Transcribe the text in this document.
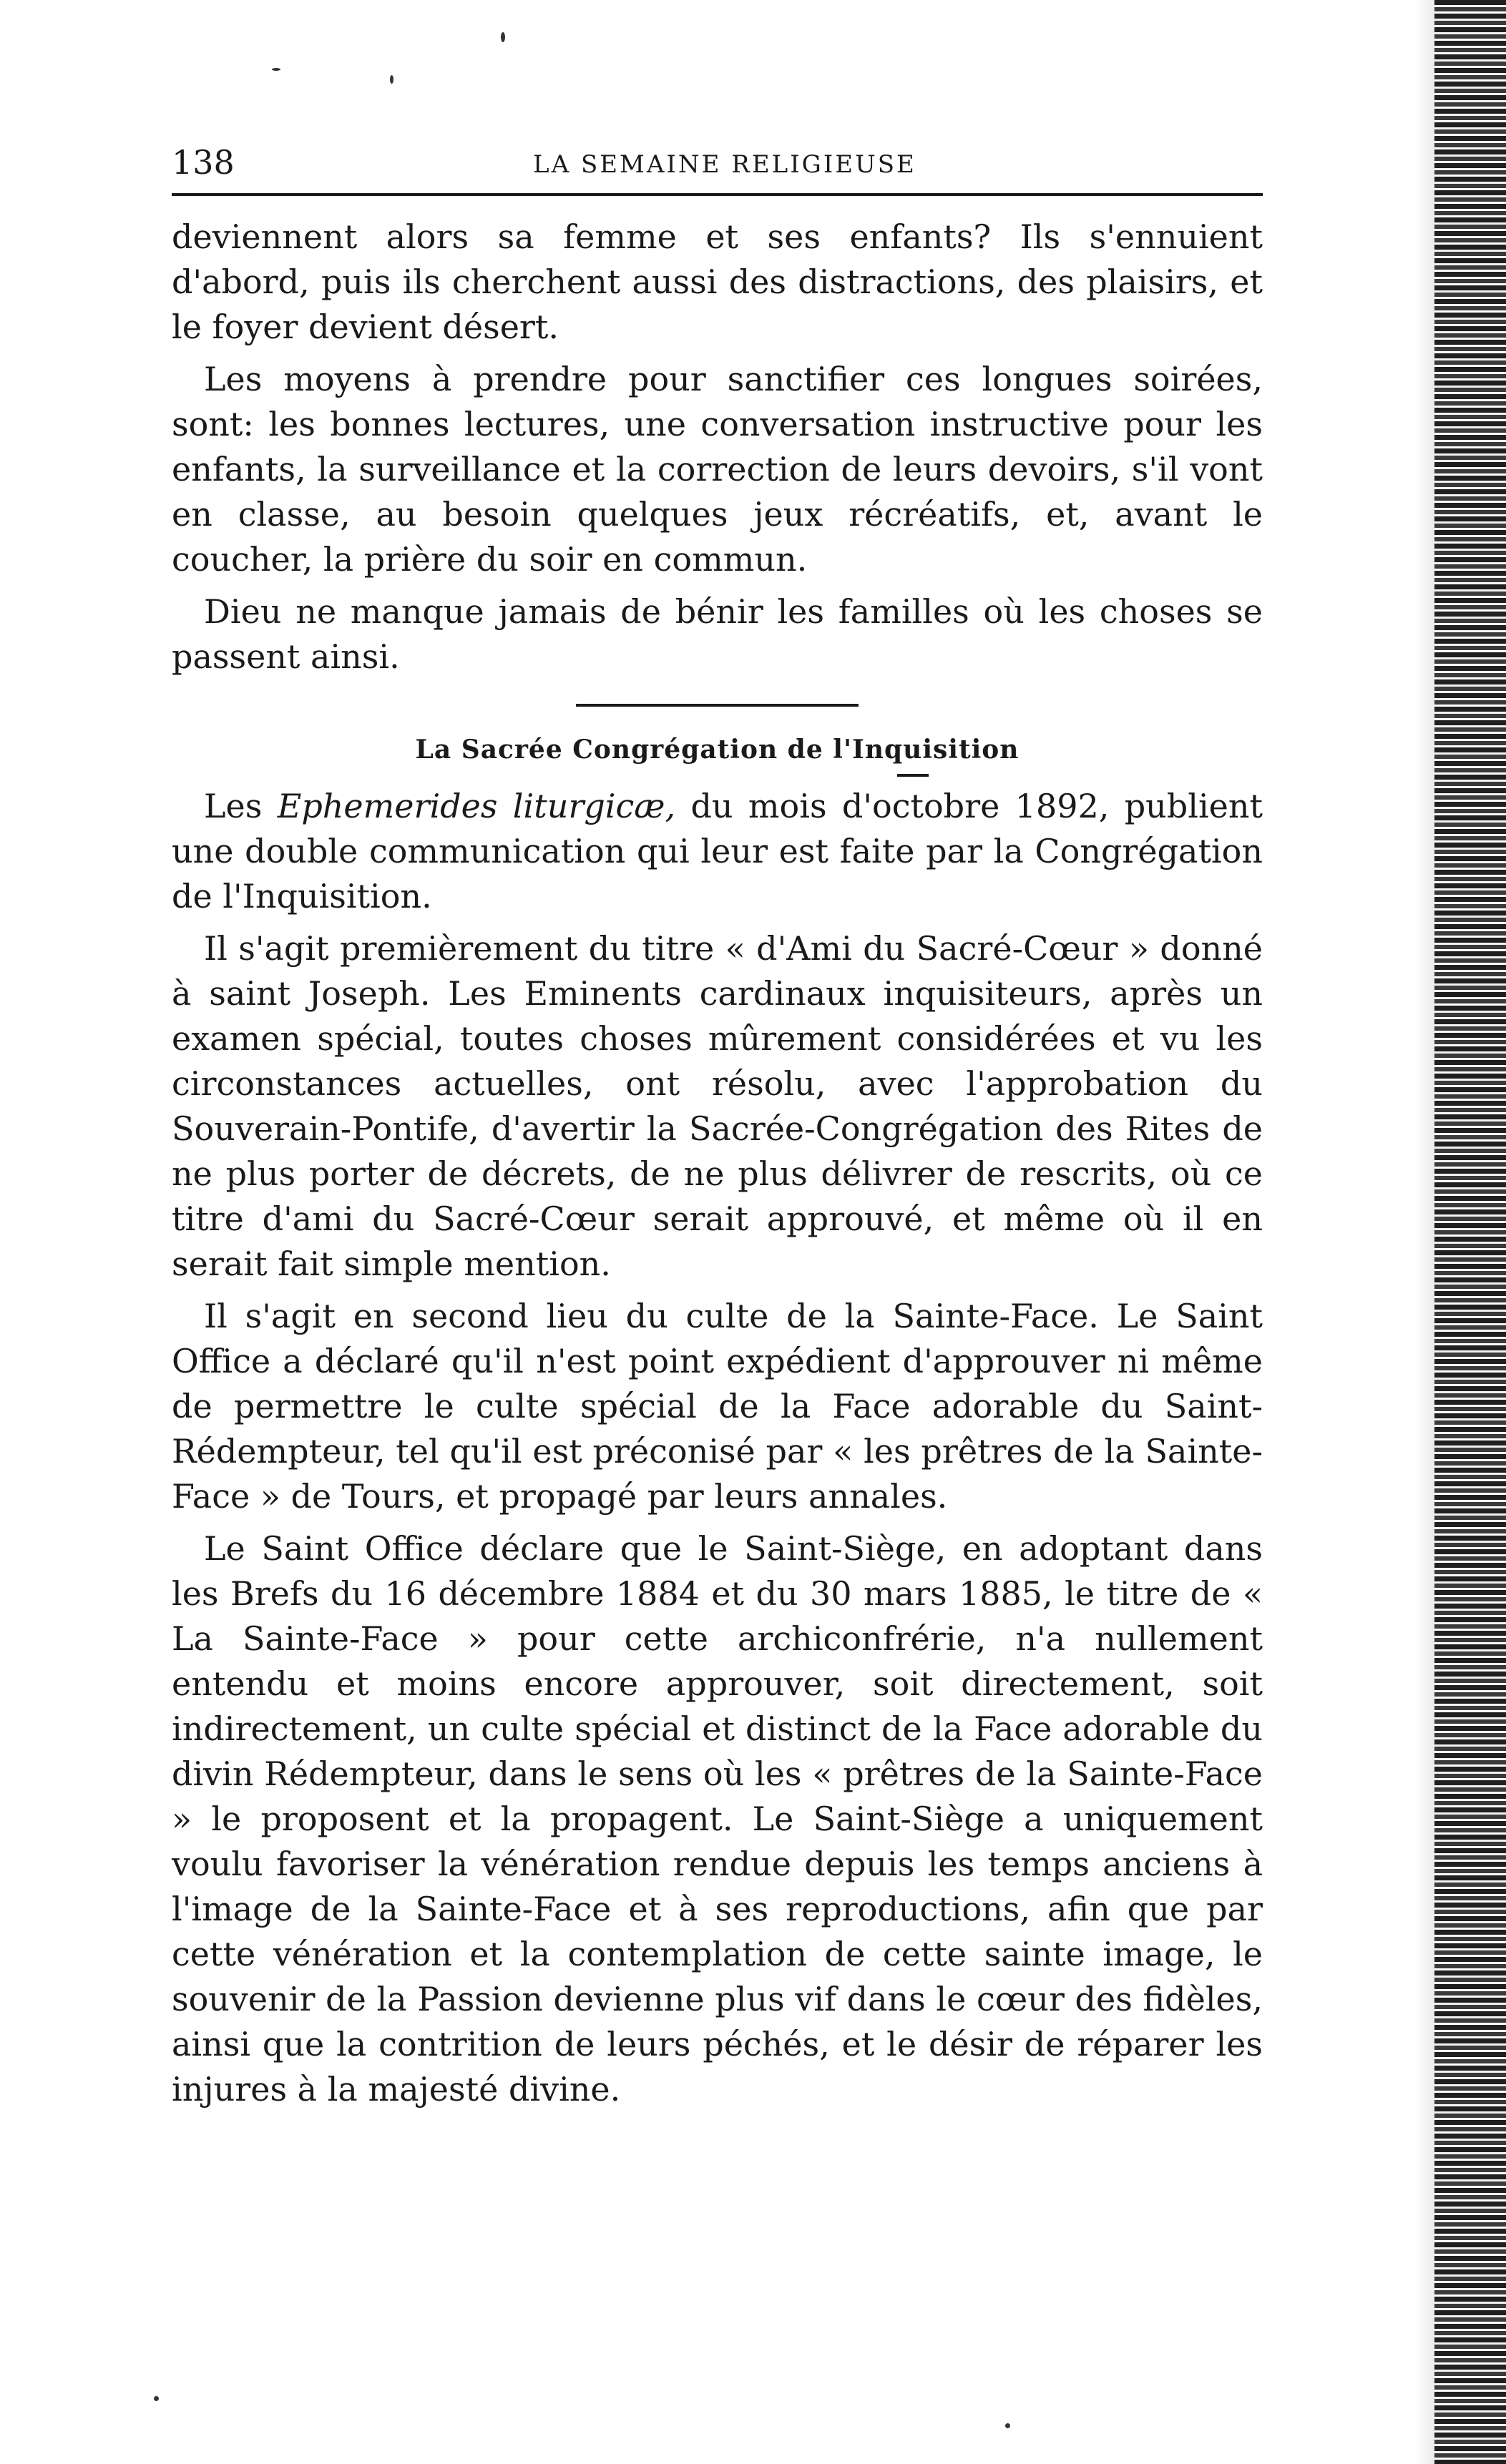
138	LA SEMAINE RELIGIEUSE

deviennent alors sa femme et ses enfants? Ils s'ennuient d'abord, puis ils cherchent aussi des distractions, des plaisirs, et le foyer devient désert.

Les moyens à prendre pour sanctifier ces longues soirées, sont: les bonnes lectures, une conversation instructive pour les enfants, la surveillance et la correction de leurs devoirs, s'il vont en classe, au besoin quelques jeux récréatifs, et, avant le coucher, la prière du soir en commun.

Dieu ne manque jamais de bénir les familles où les choses se passent ainsi.

La Sacrée Congrégation de l'Inquisition

Les Ephemerides liturgicæ, du mois d'octobre 1892, publient une double communication qui leur est faite par la Congrégation de l'Inquisition.

Il s'agit premièrement du titre « d'Ami du Sacré-Cœur » donné à saint Joseph. Les Eminents cardinaux inquisiteurs, après un examen spécial, toutes choses mûrement considérées et vu les circonstances actuelles, ont résolu, avec l'approbation du Souverain-Pontife, d'avertir la Sacrée-Congrégation des Rites de ne plus porter de décrets, de ne plus délivrer de rescrits, où ce titre d'ami du Sacré-Cœur serait approuvé, et même où il en serait fait simple mention.

Il s'agit en second lieu du culte de la Sainte-Face. Le Saint Office a déclaré qu'il n'est point expédient d'approuver ni même de permettre le culte spécial de la Face adorable du Saint-Rédempteur, tel qu'il est préconisé par « les prêtres de la Sainte-Face » de Tours, et propagé par leurs annales.

Le Saint Office déclare que le Saint-Siège, en adoptant dans les Brefs du 16 décembre 1884 et du 30 mars 1885, le titre de « La Sainte-Face » pour cette archiconfrérie, n'a nullement entendu et moins encore approuver, soit directement, soit indirectement, un culte spécial et distinct de la Face adorable du divin Rédempteur, dans le sens où les « prêtres de la Sainte-Face » le proposent et la propagent. Le Saint-Siège a uniquement voulu favoriser la vénération rendue depuis les temps anciens à l'image de la Sainte-Face et à ses reproductions, afin que par cette vénération et la contemplation de cette sainte image, le souvenir de la Passion devienne plus vif dans le cœur des fidèles, ainsi que la contrition de leurs péchés, et le désir de réparer les injures à la majesté divine.
